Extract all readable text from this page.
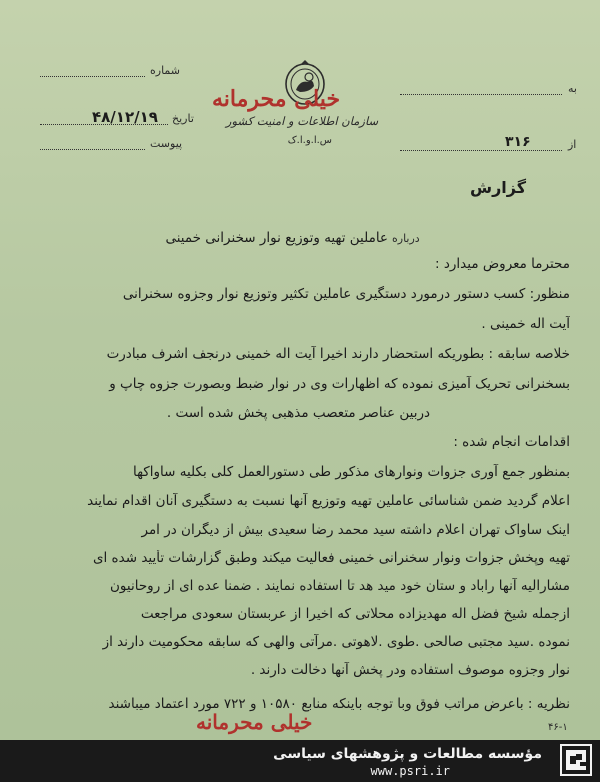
خیلی محرمانه
سازمان اطلاعات و امنیت کشور
س.ا.و.ا.ک
شماره
تاریخ
۴۸/۱۲/۱۹
پیوست
به
از
۳۱۶
گزارش
درباره
عاملین تهیه وتوزیع نوار سخنرانی خمینی
محترما معروض میدارد :
منظور: کسب دستور درمورد دستگیری عاملین تکثیر وتوزیع نوار وجزوه سخنرانی
آیت اله خمینی .
خلاصه سابقه : بطوریکه استحضار دارند اخیرا آیت اله خمینی درنجف اشرف مبادرت
بسخنرانی تحریک آمیزی نموده که اظهارات وی در نوار ضبط وبصورت جزوه چاپ و
دربین عناصر متعصب مذهبی پخش شده است .
اقدامات انجام شده :
بمنظور جمع آوری جزوات ونوارهای مذکور طی دستورالعمل کلی بکلیه ساواکها
اعلام گردید ضمن شناسائی عاملین تهیه وتوزیع آنها نسبت به دستگیری آنان اقدام نمایند
اینک ساواک تهران اعلام داشته سید محمد رضا سعیدی بیش از دیگران در امر
تهیه وپخش جزوات ونوار سخنرانی خمینی فعالیت میکند وطبق گزارشات تأیید شده ای
مشارالیه آنها راباد و ستان خود مید هد تا استفاده نمایند . ضمنا عده ای از روحانیون
ازجمله شیخ فضل اله مهدیزاده محلاتی که اخیرا از عربستان سعودی مراجعت
نموده .سید مجتبی صالحی .طوی .لاهوتی .مرآتی والهی که سابقه محکومیت دارند از
نوار وجزوه موصوف استفاده ودر پخش آنها دخالت دارند .
نظریه : باعرض مراتب فوق وبا توجه باینکه منابع ۱۰۵۸۰ و ۷۲۲ مورد اعتماد میباشند
خیلی محرمانه	۴۶-۱
مؤسسه مطالعات و پژوهشهای سیاسی
www.psri.ir
